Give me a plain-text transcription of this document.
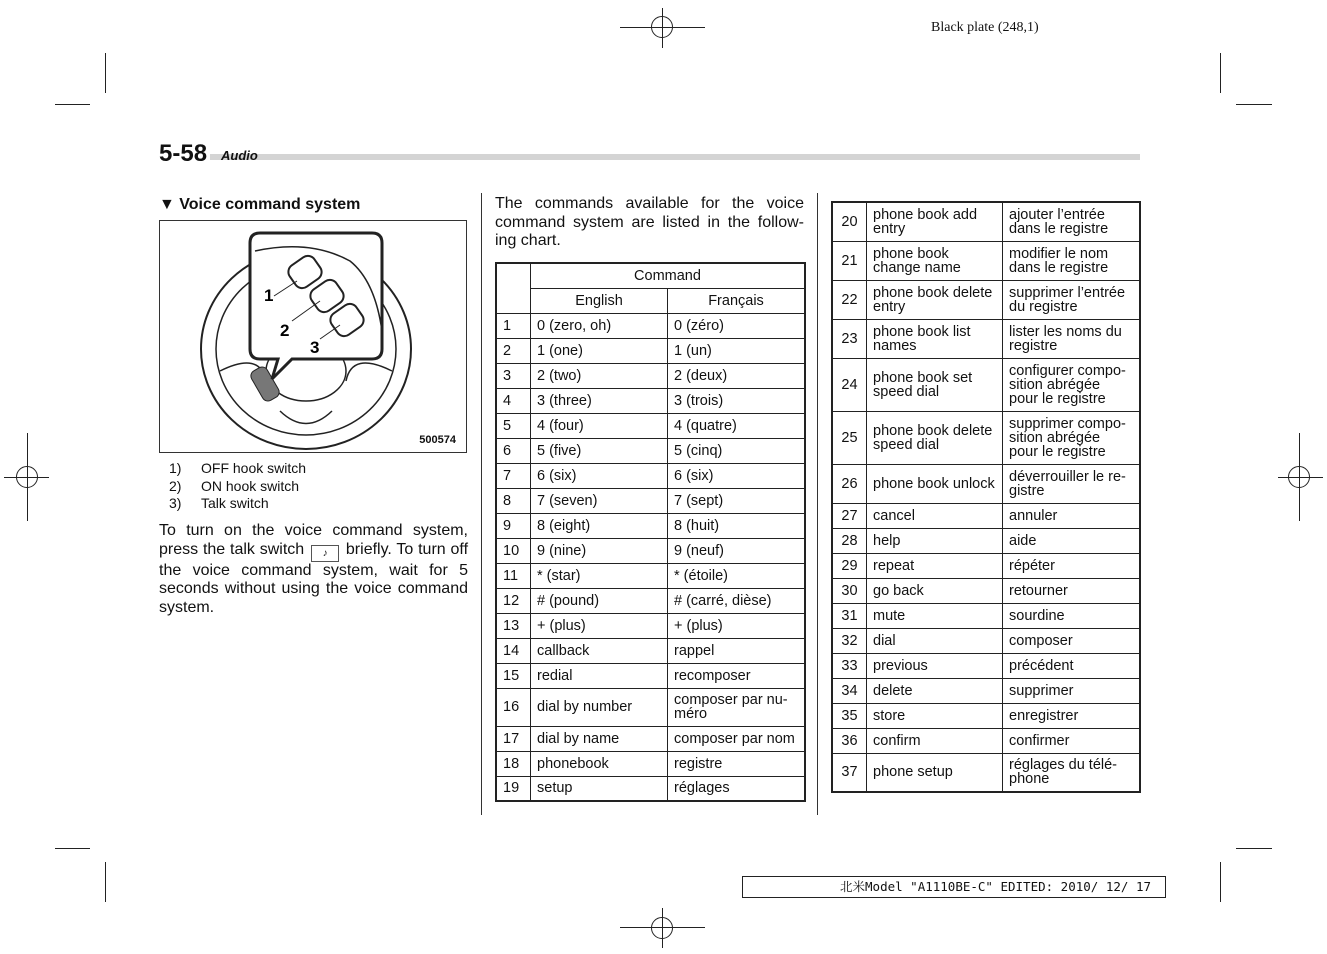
Black plate (248,1)
5-58 Audio
▼ Voice command system
1
2
3
500574
1) OFF hook switch
2) ON hook switch
3) Talk switch
To turn on the voice command system, press the talk switch ♪ briefly. To turn off the voice command system, wait for 5 seconds without using the voice command system.
The commands available for the voice command system are listed in the follow-ing chart.
	Command	
	English	Français
1	0 (zero, oh)	0 (zéro)
2	1 (one)	1 (un)
3	2 (two)	2 (deux)
4	3 (three)	3 (trois)
5	4 (four)	4 (quatre)
6	5 (five)	5 (cinq)
7	6 (six)	6 (six)
8	7 (seven)	7 (sept)
9	8 (eight)	8 (huit)
10	9 (nine)	9 (neuf)
11	* (star)	* (étoile)
12	# (pound)	# (carré, dièse)
13	+ (plus)	+ (plus)
14	callback	rappel
15	redial	recomposer
16	dial by number	composer par nu-méro
17	dial by name	composer par nom
18	phonebook	registre
19	setup	réglages
20	phone book add entry	ajouter l’entrée dans le registre
21	phone book change name	modifier le nom dans le registre
22	phone book delete entry	supprimer l’entrée du registre
23	phone book list names	lister les noms du registre
24	phone book set speed dial	configurer compo-sition abrégée pour le registre
25	phone book delete speed dial	supprimer compo-sition abrégée pour le registre
26	phone book unlock	déverrouiller le re-gistre
27	cancel	annuler
28	help	aide
29	repeat	répéter
30	go back	retourner
31	mute	sourdine
32	dial	composer
33	previous	précédent
34	delete	supprimer
35	store	enregistrer
36	confirm	confirmer
37	phone setup	réglages du télé-phone
北米Model "A1110BE-C" EDITED: 2010/ 12/ 17
